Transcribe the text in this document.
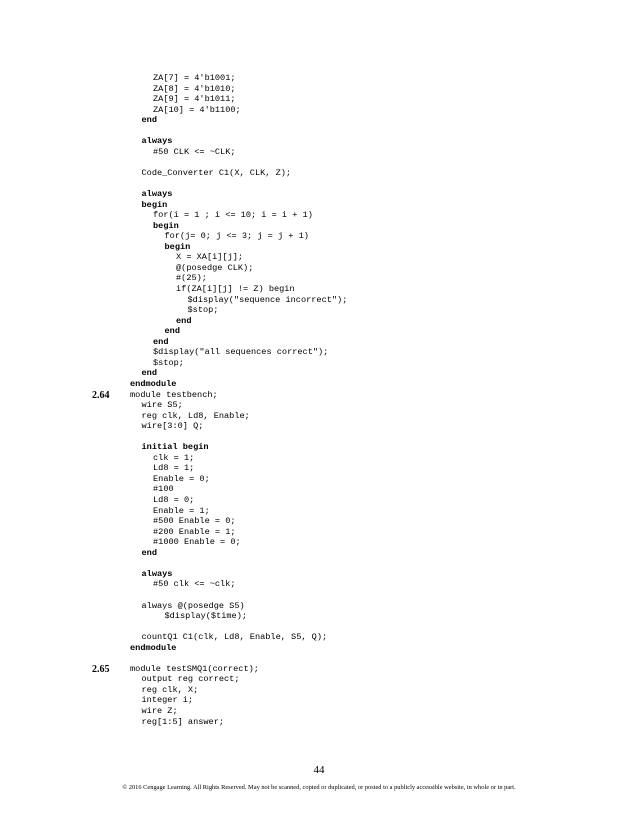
ZA[7] = 4'b1001;
ZA[8] = 4'b1010;
ZA[9] = 4'b1011;
ZA[10] = 4'b1100;
end
always
#50 CLK <= ~CLK;
Code_Converter C1(X, CLK, Z);
always
begin
for(i = 1 ; i <= 10; i = i + 1)
begin
for(j= 0; j <= 3; j = j + 1)
begin
X = XA[i][j];
@(posedge CLK);
#(25);
if(ZA[i][j] != Z) begin
$display("sequence incorrect");
$stop;
end
end
end
$display("all sequences correct");
$stop;
end
endmodule
2.64 module testbench;
wire S5;
reg clk, Ld8, Enable;
wire[3:0] Q;
initial begin
clk = 1;
Ld8 = 1;
Enable = 0;
#100
Ld8 = 0;
Enable = 1;
#500 Enable = 0;
#200 Enable = 1;
#1000 Enable = 0;
end
always
#50 clk <= ~clk;
always @(posedge S5)
$display($time);
countQ1 C1(clk, Ld8, Enable, S5, Q);
endmodule
2.65 module testSMQ1(correct);
output reg correct;
reg clk, X;
integer i;
wire Z;
reg[1:5] answer;
44
© 2016 Cengage Learning. All Rights Reserved. May not be scanned, copied or duplicated, or posted to a publicly accessible website, in whole or in part.
